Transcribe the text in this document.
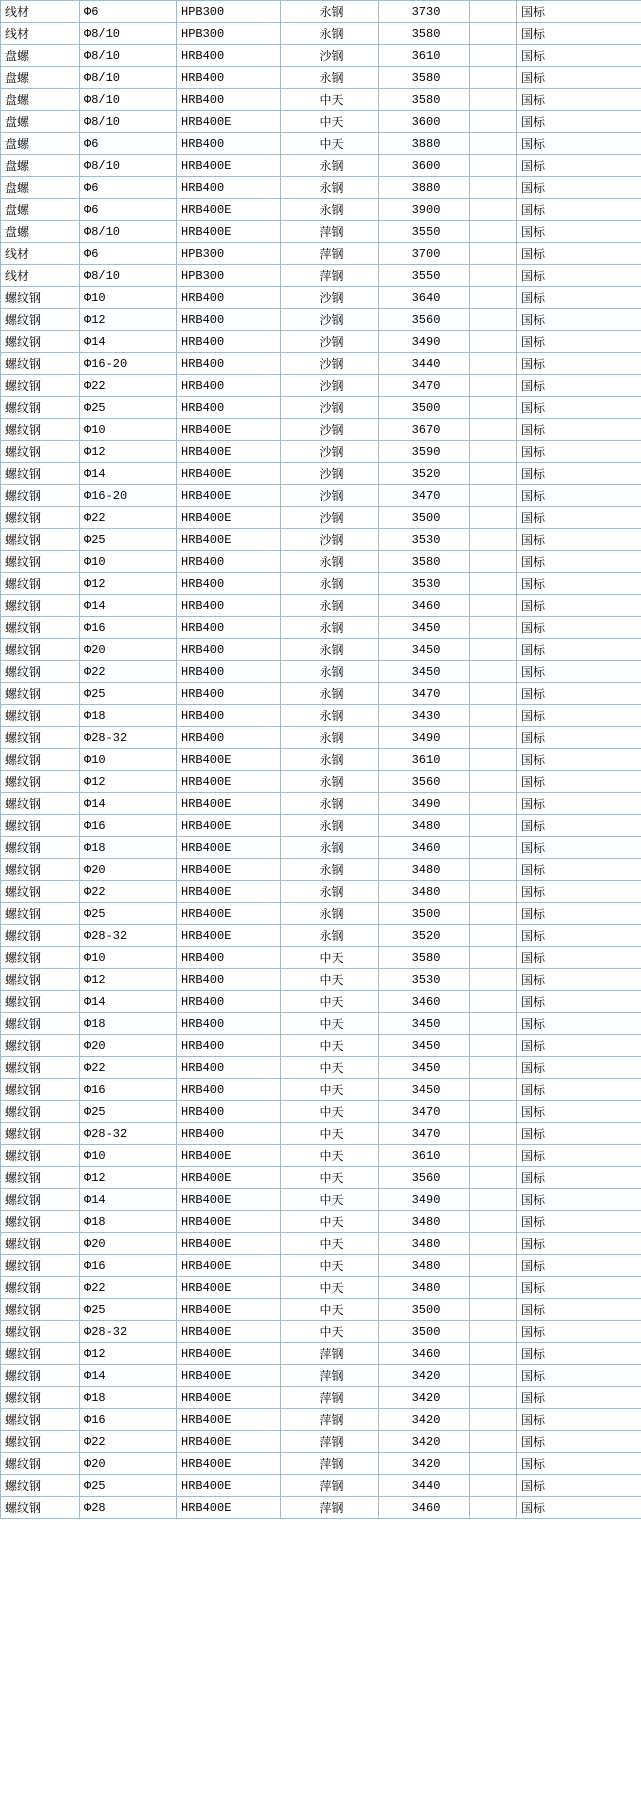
线材	Φ6	HPB300	永钢	3730		国标
线材	Φ8/10	HPB300	永钢	3580		国标
盘螺	Φ8/10	HRB400	沙钢	3610		国标
盘螺	Φ8/10	HRB400	永钢	3580		国标
盘螺	Φ8/10	HRB400	中天	3580		国标
盘螺	Φ8/10	HRB400E	中天	3600		国标
盘螺	Φ6	HRB400	中天	3880		国标
盘螺	Φ8/10	HRB400E	永钢	3600		国标
盘螺	Φ6	HRB400	永钢	3880		国标
盘螺	Φ6	HRB400E	永钢	3900		国标
盘螺	Φ8/10	HRB400E	萍钢	3550		国标
线材	Φ6	HPB300	萍钢	3700		国标
线材	Φ8/10	HPB300	萍钢	3550		国标
螺纹钢	Φ10	HRB400	沙钢	3640		国标
螺纹钢	Φ12	HRB400	沙钢	3560		国标
螺纹钢	Φ14	HRB400	沙钢	3490		国标
螺纹钢	Φ16-20	HRB400	沙钢	3440		国标
螺纹钢	Φ22	HRB400	沙钢	3470		国标
螺纹钢	Φ25	HRB400	沙钢	3500		国标
螺纹钢	Φ10	HRB400E	沙钢	3670		国标
螺纹钢	Φ12	HRB400E	沙钢	3590		国标
螺纹钢	Φ14	HRB400E	沙钢	3520		国标
螺纹钢	Φ16-20	HRB400E	沙钢	3470		国标
螺纹钢	Φ22	HRB400E	沙钢	3500		国标
螺纹钢	Φ25	HRB400E	沙钢	3530		国标
螺纹钢	Φ10	HRB400	永钢	3580		国标
螺纹钢	Φ12	HRB400	永钢	3530		国标
螺纹钢	Φ14	HRB400	永钢	3460		国标
螺纹钢	Φ16	HRB400	永钢	3450		国标
螺纹钢	Φ20	HRB400	永钢	3450		国标
螺纹钢	Φ22	HRB400	永钢	3450		国标
螺纹钢	Φ25	HRB400	永钢	3470		国标
螺纹钢	Φ18	HRB400	永钢	3430		国标
螺纹钢	Φ28-32	HRB400	永钢	3490		国标
螺纹钢	Φ10	HRB400E	永钢	3610		国标
螺纹钢	Φ12	HRB400E	永钢	3560		国标
螺纹钢	Φ14	HRB400E	永钢	3490		国标
螺纹钢	Φ16	HRB400E	永钢	3480		国标
螺纹钢	Φ18	HRB400E	永钢	3460		国标
螺纹钢	Φ20	HRB400E	永钢	3480		国标
螺纹钢	Φ22	HRB400E	永钢	3480		国标
螺纹钢	Φ25	HRB400E	永钢	3500		国标
螺纹钢	Φ28-32	HRB400E	永钢	3520		国标
螺纹钢	Φ10	HRB400	中天	3580		国标
螺纹钢	Φ12	HRB400	中天	3530		国标
螺纹钢	Φ14	HRB400	中天	3460		国标
螺纹钢	Φ18	HRB400	中天	3450		国标
螺纹钢	Φ20	HRB400	中天	3450		国标
螺纹钢	Φ22	HRB400	中天	3450		国标
螺纹钢	Φ16	HRB400	中天	3450		国标
螺纹钢	Φ25	HRB400	中天	3470		国标
螺纹钢	Φ28-32	HRB400	中天	3470		国标
螺纹钢	Φ10	HRB400E	中天	3610		国标
螺纹钢	Φ12	HRB400E	中天	3560		国标
螺纹钢	Φ14	HRB400E	中天	3490		国标
螺纹钢	Φ18	HRB400E	中天	3480		国标
螺纹钢	Φ20	HRB400E	中天	3480		国标
螺纹钢	Φ16	HRB400E	中天	3480		国标
螺纹钢	Φ22	HRB400E	中天	3480		国标
螺纹钢	Φ25	HRB400E	中天	3500		国标
螺纹钢	Φ28-32	HRB400E	中天	3500		国标
螺纹钢	Φ12	HRB400E	萍钢	3460		国标
螺纹钢	Φ14	HRB400E	萍钢	3420		国标
螺纹钢	Φ18	HRB400E	萍钢	3420		国标
螺纹钢	Φ16	HRB400E	萍钢	3420		国标
螺纹钢	Φ22	HRB400E	萍钢	3420		国标
螺纹钢	Φ20	HRB400E	萍钢	3420		国标
螺纹钢	Φ25	HRB400E	萍钢	3440		国标
螺纹钢	Φ28	HRB400E	萍钢	3460		国标
